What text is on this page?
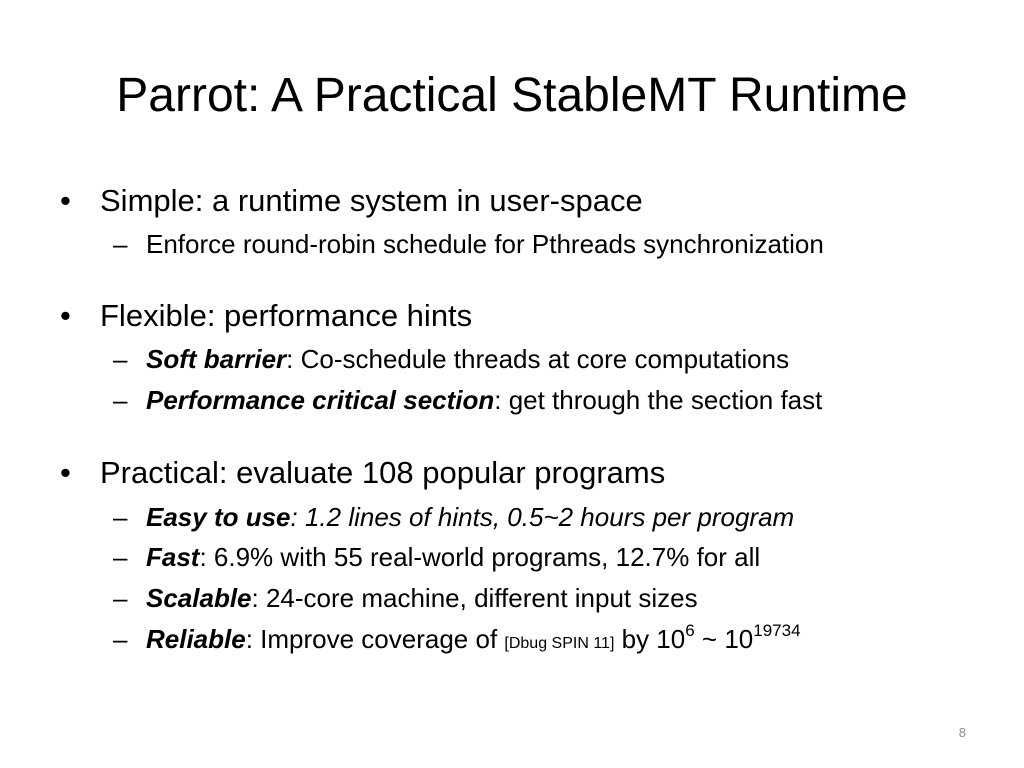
Parrot: A Practical StableMT Runtime
• Simple: a runtime system in user-space
– Enforce round-robin schedule for Pthreads synchronization
• Flexible: performance hints
– Soft barrier: Co-schedule threads at core computations
– Performance critical section: get through the section fast
• Practical: evaluate 108 popular programs
– Easy to use: 1.2 lines of hints, 0.5~2 hours per program
– Fast: 6.9% with 55 real-world programs, 12.7% for all
– Scalable: 24-core machine, different input sizes
– Reliable: Improve coverage of [Dbug SPIN 11] by $10^6$ ~ $10^{19734}$
8
